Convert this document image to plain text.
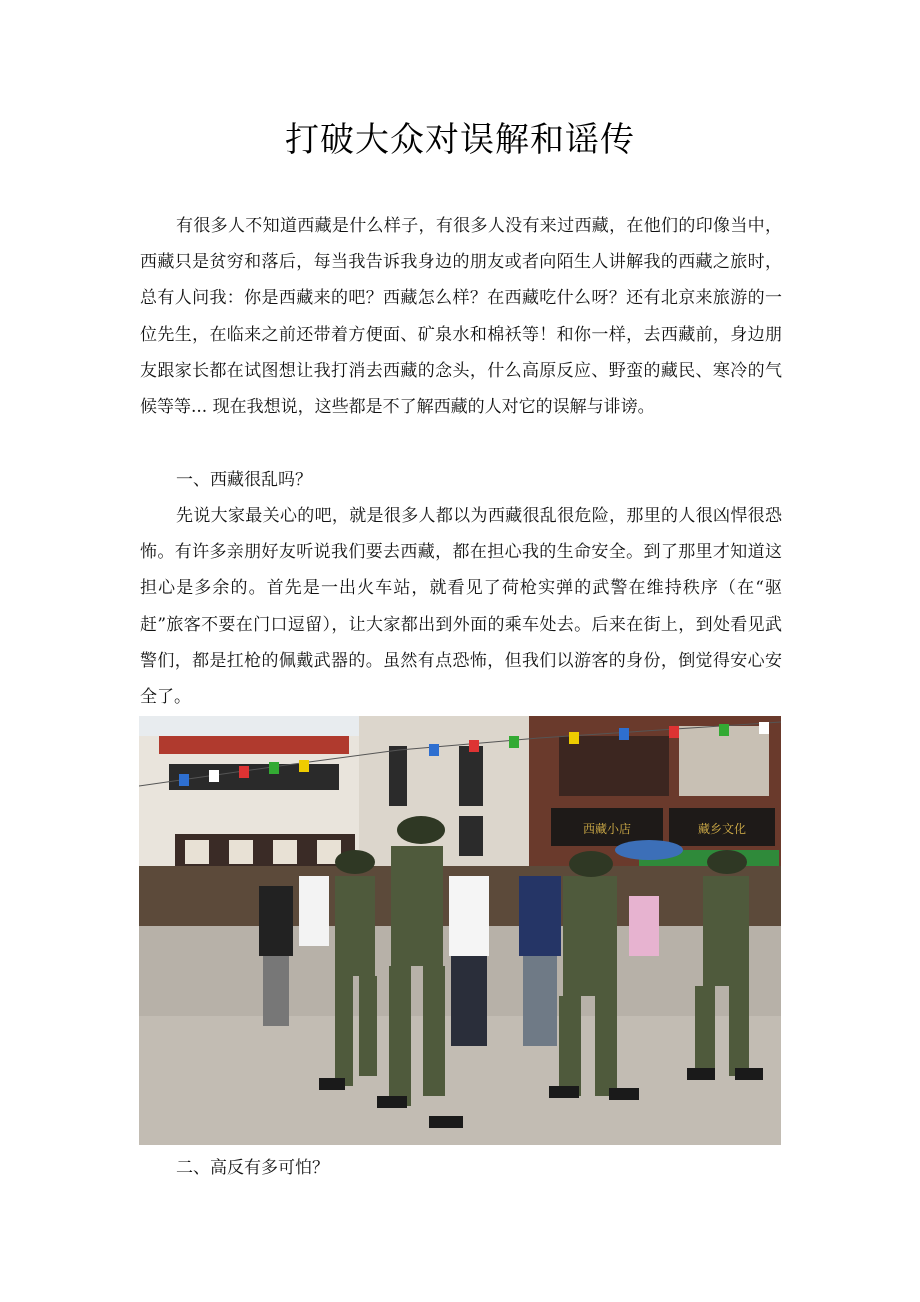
打破大众对误解和谣传

有很多人不知道西藏是什么样子，有很多人没有来过西藏，在他们的印像当中，西藏只是贫穷和落后，每当我告诉我身边的朋友或者向陌生人讲解我的西藏之旅时，总有人问我：你是西藏来的吧？西藏怎么样？在西藏吃什么呀？还有北京来旅游的一位先生，在临来之前还带着方便面、矿泉水和棉袄等！和你一样，去西藏前，身边朋友跟家长都在试图想让我打消去西藏的念头，什么高原反应、野蛮的藏民、寒冷的气候等等... 现在我想说，这些都是不了解西藏的人对它的误解与诽谤。

一、西藏很乱吗？

先说大家最关心的吧，就是很多人都以为西藏很乱很危险，那里的人很凶悍很恐怖。有许多亲朋好友听说我们要去西藏，都在担心我的生命安全。到了那里才知道这担心是多余的。首先是一出火车站，就看见了荷枪实弹的武警在维持秩序（在“驱赶”旅客不要在门口逗留），让大家都出到外面的乘车处去。后来在街上，到处看见武警们，都是扛枪的佩戴武器的。虽然有点恐怖，但我们以游客的身份，倒觉得安心安全了。

西藏小店	藏乡文化

二、高反有多可怕？
